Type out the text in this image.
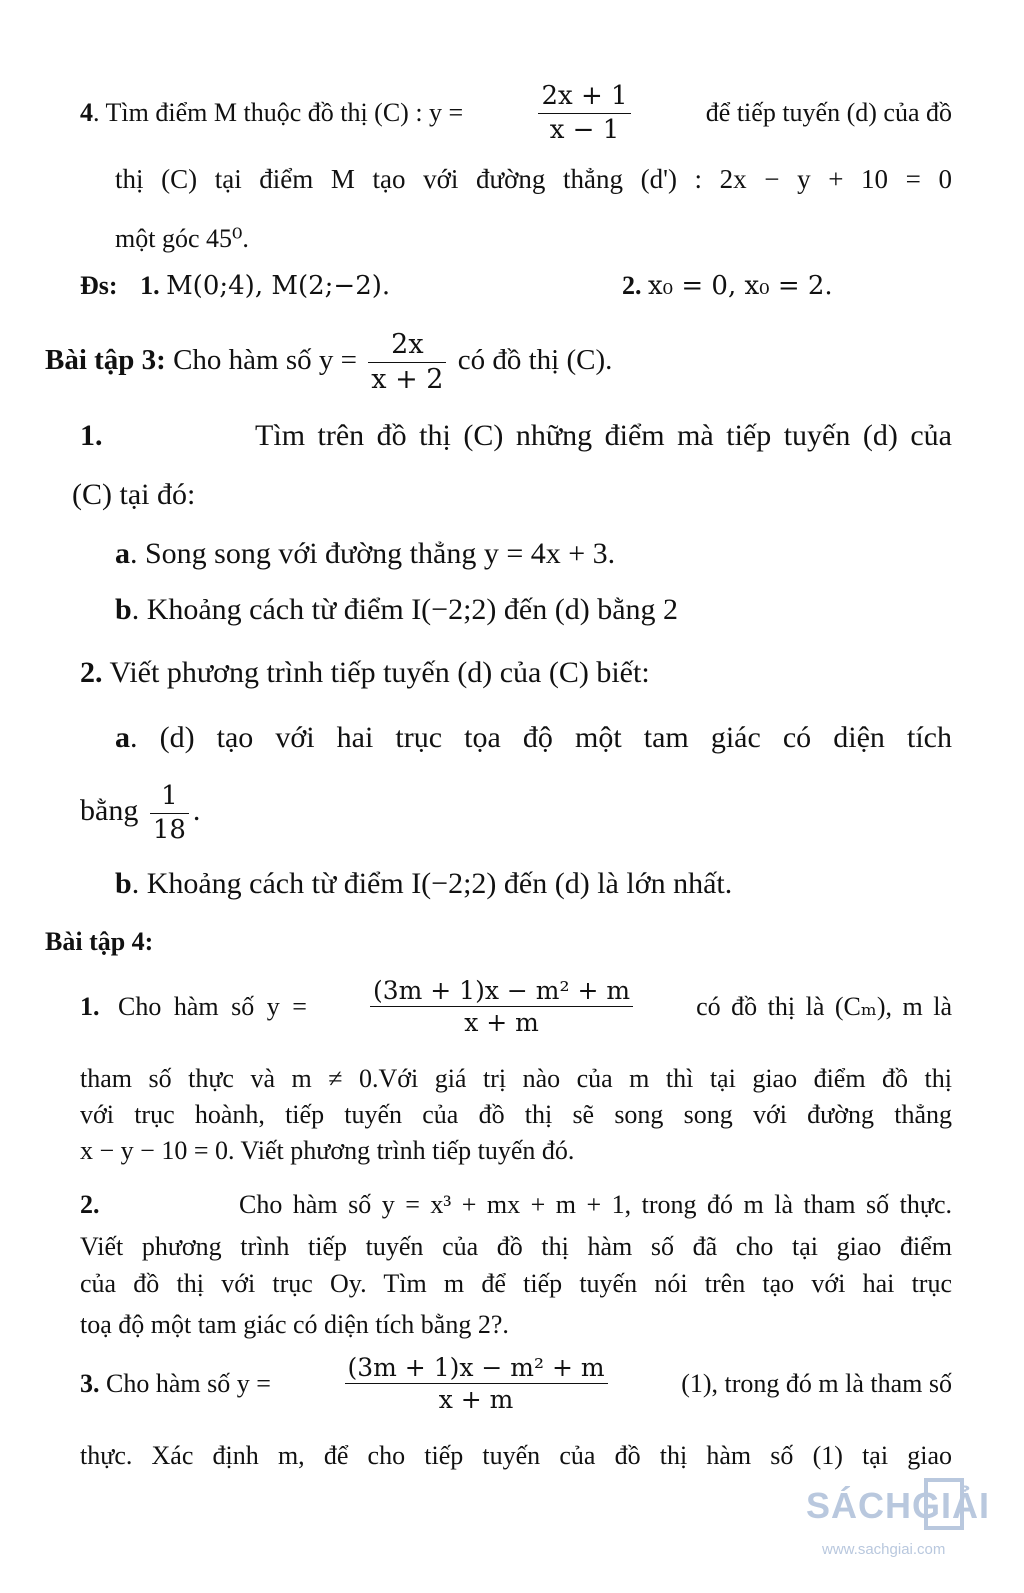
4. Tìm điểm M thuộc đồ thị (C) : y =	$\frac{2x + 1}{x - 1}$	để tiếp tuyến (d) của đồ
thị (C) tại điểm M tạo với đường thẳng (d') : 2x − y + 10 = 0
một góc 45⁰.
Đs: 1. M(0;4), M(2;−2).	2. x₀ = 0, x₀ = 2.
Bài tập 3: Cho hàm số $y = \frac{2x}{x + 2}$ có đồ thị (C).
1.	Tìm trên đồ thị (C) những điểm mà tiếp tuyến (d) của
(C) tại đó:
a. Song song với đường thẳng y = 4x + 3.
b. Khoảng cách từ điểm I(−2;2) đến (d) bằng 2
2. Viết phương trình tiếp tuyến (d) của (C) biết:
a. (d) tạo với hai trục tọa độ một tam giác có diện tích
bằng $\frac{1}{18}$ .
b. Khoảng cách từ điểm I(−2;2) đến (d) là lớn nhất.
Bài tập 4:
1. Cho hàm số y =	$\frac{\text{(3m + 1)x − m² + m}}{x + m}$ có đồ thị là (Cₘ), m là
tham số thực và m ≠ 0.Với giá trị nào của m thì tại giao điểm đồ thị
với trục hoành, tiếp tuyến của đồ thị sẽ song song với đường thẳng
x − y − 10 = 0. Viết phương trình tiếp tuyến đó.
2.	Cho hàm số y = x³ + mx + m + 1, trong đó m là tham số thực.
Viết phương trình tiếp tuyến của đồ thị hàm số đã cho tại giao điểm
của đồ thị với trục Oy. Tìm m để tiếp tuyến nói trên tạo với hai trục
toạ độ một tam giác có diện tích bằng 2?.
3. Cho hàm số y =	$\frac{\text{(3m + 1)x − m² + m}}{x + m}$	(1), trong đó m là tham số
thực. Xác định m, để cho tiếp tuyến của đồ thị hàm số (1) tại giao
SÁCHGIẢI
www.sachgiai.com
